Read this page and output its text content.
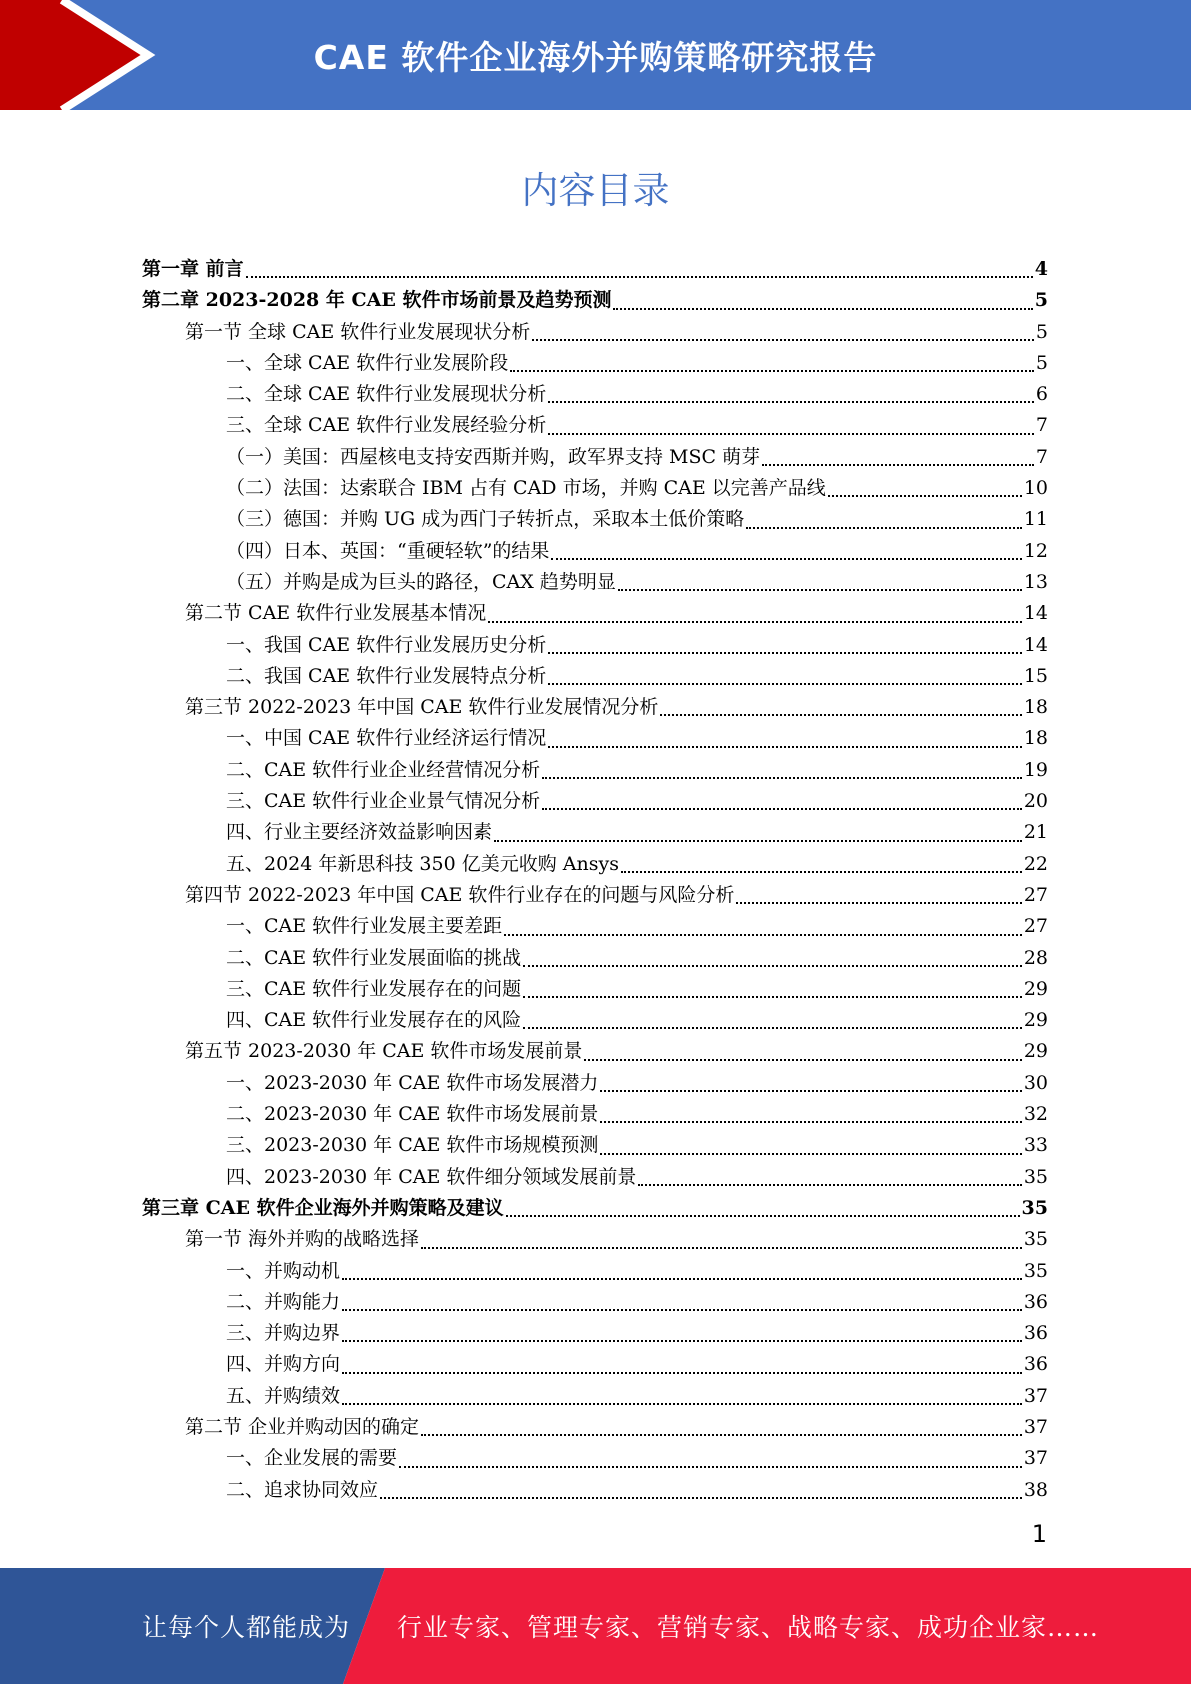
CAE 软件企业海外并购策略研究报告
内容目录
第一章 前言	4
第二章 2023-2028 年 CAE 软件市场前景及趋势预测	5
第一节 全球 CAE 软件行业发展现状分析	5
一、全球 CAE 软件行业发展阶段	5
二、全球 CAE 软件行业发展现状分析	6
三、全球 CAE 软件行业发展经验分析	7
（一）美国：西屋核电支持安西斯并购，政军界支持 MSC 萌芽	7
（二）法国：达索联合 IBM 占有 CAD 市场，并购 CAE 以完善产品线	10
（三）德国：并购 UG 成为西门子转折点，采取本土低价策略	11
（四）日本、英国：“重硬轻软”的结果	12
（五）并购是成为巨头的路径，CAX 趋势明显	13
第二节 CAE 软件行业发展基本情况	14
一、我国 CAE 软件行业发展历史分析	14
二、我国 CAE 软件行业发展特点分析	15
第三节 2022-2023 年中国 CAE 软件行业发展情况分析	18
一、中国 CAE 软件行业经济运行情况	18
二、CAE 软件行业企业经营情况分析	19
三、CAE 软件行业企业景气情况分析	20
四、行业主要经济效益影响因素	21
五、2024 年新思科技 350 亿美元收购 Ansys	22
第四节 2022-2023 年中国 CAE 软件行业存在的问题与风险分析	27
一、CAE 软件行业发展主要差距	27
二、CAE 软件行业发展面临的挑战	28
三、CAE 软件行业发展存在的问题	29
四、CAE 软件行业发展存在的风险	29
第五节 2023-2030 年 CAE 软件市场发展前景	29
一、2023-2030 年 CAE 软件市场发展潜力	30
二、2023-2030 年 CAE 软件市场发展前景	32
三、2023-2030 年 CAE 软件市场规模预测	33
四、2023-2030 年 CAE 软件细分领域发展前景	35
第三章 CAE 软件企业海外并购策略及建议	35
第一节 海外并购的战略选择	35
一、并购动机	35
二、并购能力	36
三、并购边界	36
四、并购方向	36
五、并购绩效	37
第二节 企业并购动因的确定	37
一、企业发展的需要	37
二、追求协同效应	38
1
让每个人都能成为 行业专家、管理专家、营销专家、战略专家、成功企业家……
